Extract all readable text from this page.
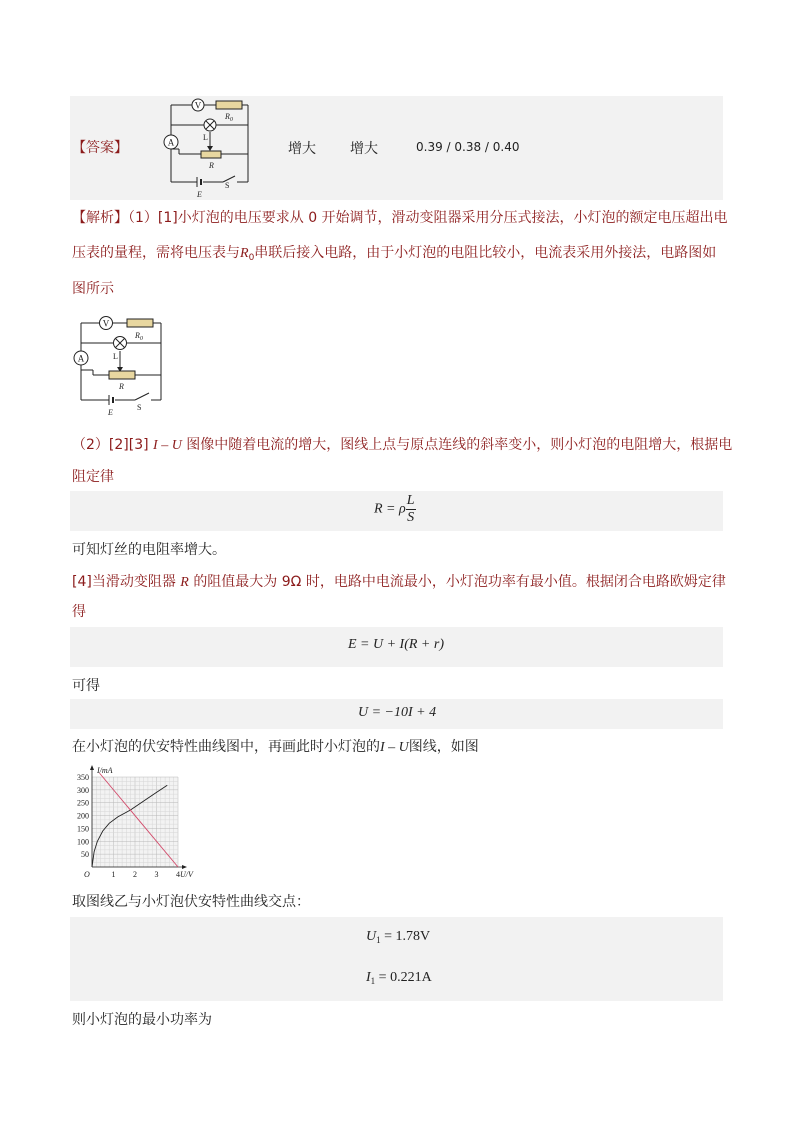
【答案】
V
$R_0$
L
A
R
E
S
增大 增大	0.39 / 0.38 / 0.40
【解析】（1）[1]小灯泡的电压要求从 0 开始调节，滑动变阻器采用分压式接法，小灯泡的额定电压超出电
压表的量程，需将电压表与$R_0$串联后接入电路，由于小灯泡的电阻比较小，电流表采用外接法，电路图如
图所示
V
$R_0$
L
A
R
E
S
（2）[2][3] I – U 图像中随着电流的增大，图线上点与原点连线的斜率变小，则小灯泡的电阻增大，根据电
阻定律
R = ρ $\frac{L}{S}$
可知灯丝的电阻率增大。
[4]当滑动变阻器 R 的阻值最大为 9Ω 时，电路中电流最小，小灯泡功率有最小值。根据闭合电路欧姆定律
得
E = U + I(R + r)
可得
U = −10I + 4
在小灯泡的伏安特性曲线图中，再画此时小灯泡的I – U图线，如图
50
100
150
200
250
300
350
1 2 3 4
O
I/mA
U/V
取图线乙与小灯泡伏安特性曲线交点：
$U_1 = 1.78V$
$I_1 = 0.221A$
则小灯泡的最小功率为
